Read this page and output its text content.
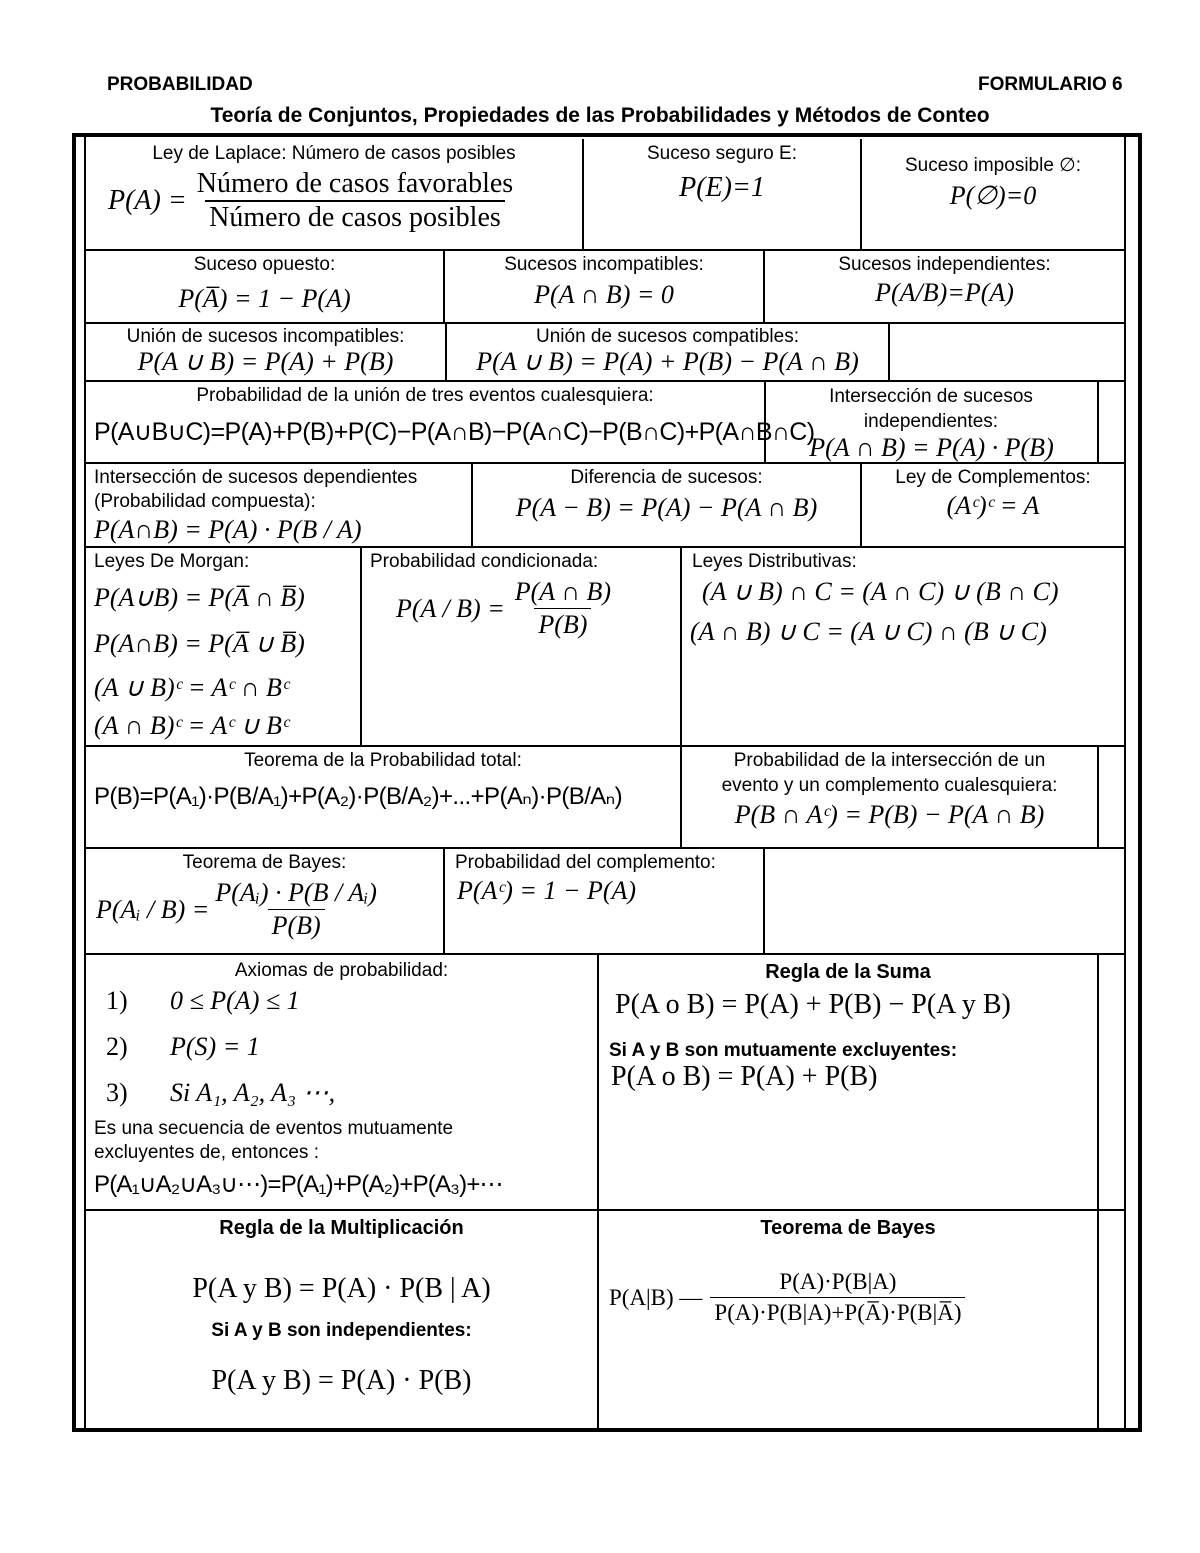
PROBABILIDAD	FORMULARIO 6
Teoría de Conjuntos, Propiedades de las Probabilidades y Métodos de Conteo
Ley de Laplace: Número de casos posibles
$P(A) = \frac{\text{Número de casos favorables}}{\text{Número de casos posibles}}$
Suceso seguro E:
P(E)=1
Suceso imposible ∅:
P(∅)=0
Suceso opuesto:
P(A̅) = 1 − P(A)
Sucesos incompatibles:
P(A ∩ B) = 0
Sucesos independientes:
P(A/B)=P(A)
Unión de sucesos incompatibles:
P(A ∪ B) = P(A) + P(B)
Unión de sucesos compatibles:
P(A ∪ B) = P(A) + P(B) − P(A ∩ B)
Probabilidad de la unión de tres eventos cualesquiera:
P(A∪B∪C)=P(A)+P(B)+P(C)−P(A∩B)−P(A∩C)−P(B∩C)+P(A∩B∩C)
Intersección de sucesos independientes:
P(A ∩ B) = P(A) · P(B)
Intersección de sucesos dependientes
(Probabilidad compuesta):
P(A∩B) = P(A) · P(B / A)
Diferencia de sucesos:
P(A − B) = P(A) − P(A ∩ B)
Ley de Complementos:
(Aᶜ)ᶜ = A
Leyes De Morgan:
P(A∪B) = P(A̅ ∩ B̅)
P(A∩B) = P(A̅ ∪ B̅)
(A ∪ B)ᶜ = Aᶜ ∩ Bᶜ
(A ∩ B)ᶜ = Aᶜ ∪ Bᶜ
Probabilidad condicionada:
$P(A / B) = \frac{P(A \cap B)}{P(B)}$
Leyes Distributivas:
(A ∪ B) ∩ C = (A ∩ C) ∪ (B ∩ C)
(A ∩ B) ∪ C = (A ∪ C) ∩ (B ∪ C)
Teorema de la Probabilidad total:
P(B)=P(A₁)·P(B/A₁)+P(A₂)·P(B/A₂)+...+P(Aₙ)·P(B/Aₙ)
Probabilidad de la intersección de un
evento y un complemento cualesquiera:
P(B ∩ Aᶜ) = P(B) − P(A ∩ B)
Teorema de Bayes:
P(Aᵢ / $B) = \frac{\text{P(Aᵢ) · P(B / Aᵢ)}}{P(B)}$
Probabilidad del complemento:
P(Aᶜ) = 1 − P(A)
Axiomas de probabilidad:
1) 0 ≤ P(A) ≤ 1
2) P(S) = 1
3) Si A₁, A₂, A₃ ⋯,
Es una secuencia de eventos mutuamente
excluyentes de, entonces :
P(A₁∪A₂∪A₃∪⋯)=P(A₁)+P(A₂)+P(A₃)+⋯
Regla de la Suma
P(A o B) = P(A) + P(B) − P(A y B)
Si A y B son mutuamente excluyentes:
P(A o B) = P(A) + P(B)
Regla de la Multiplicación
P(A y B) = P(A) · P(B | A)
Si A y B son independientes:
P(A y B) = P(A) · P(B)
Teorema de Bayes
P(A|B) — $\frac{P(A)\cdot P(B|A)}{P(A)\cdot P(B|A)+P(A̅)\cdot P(B|A̅)}$
